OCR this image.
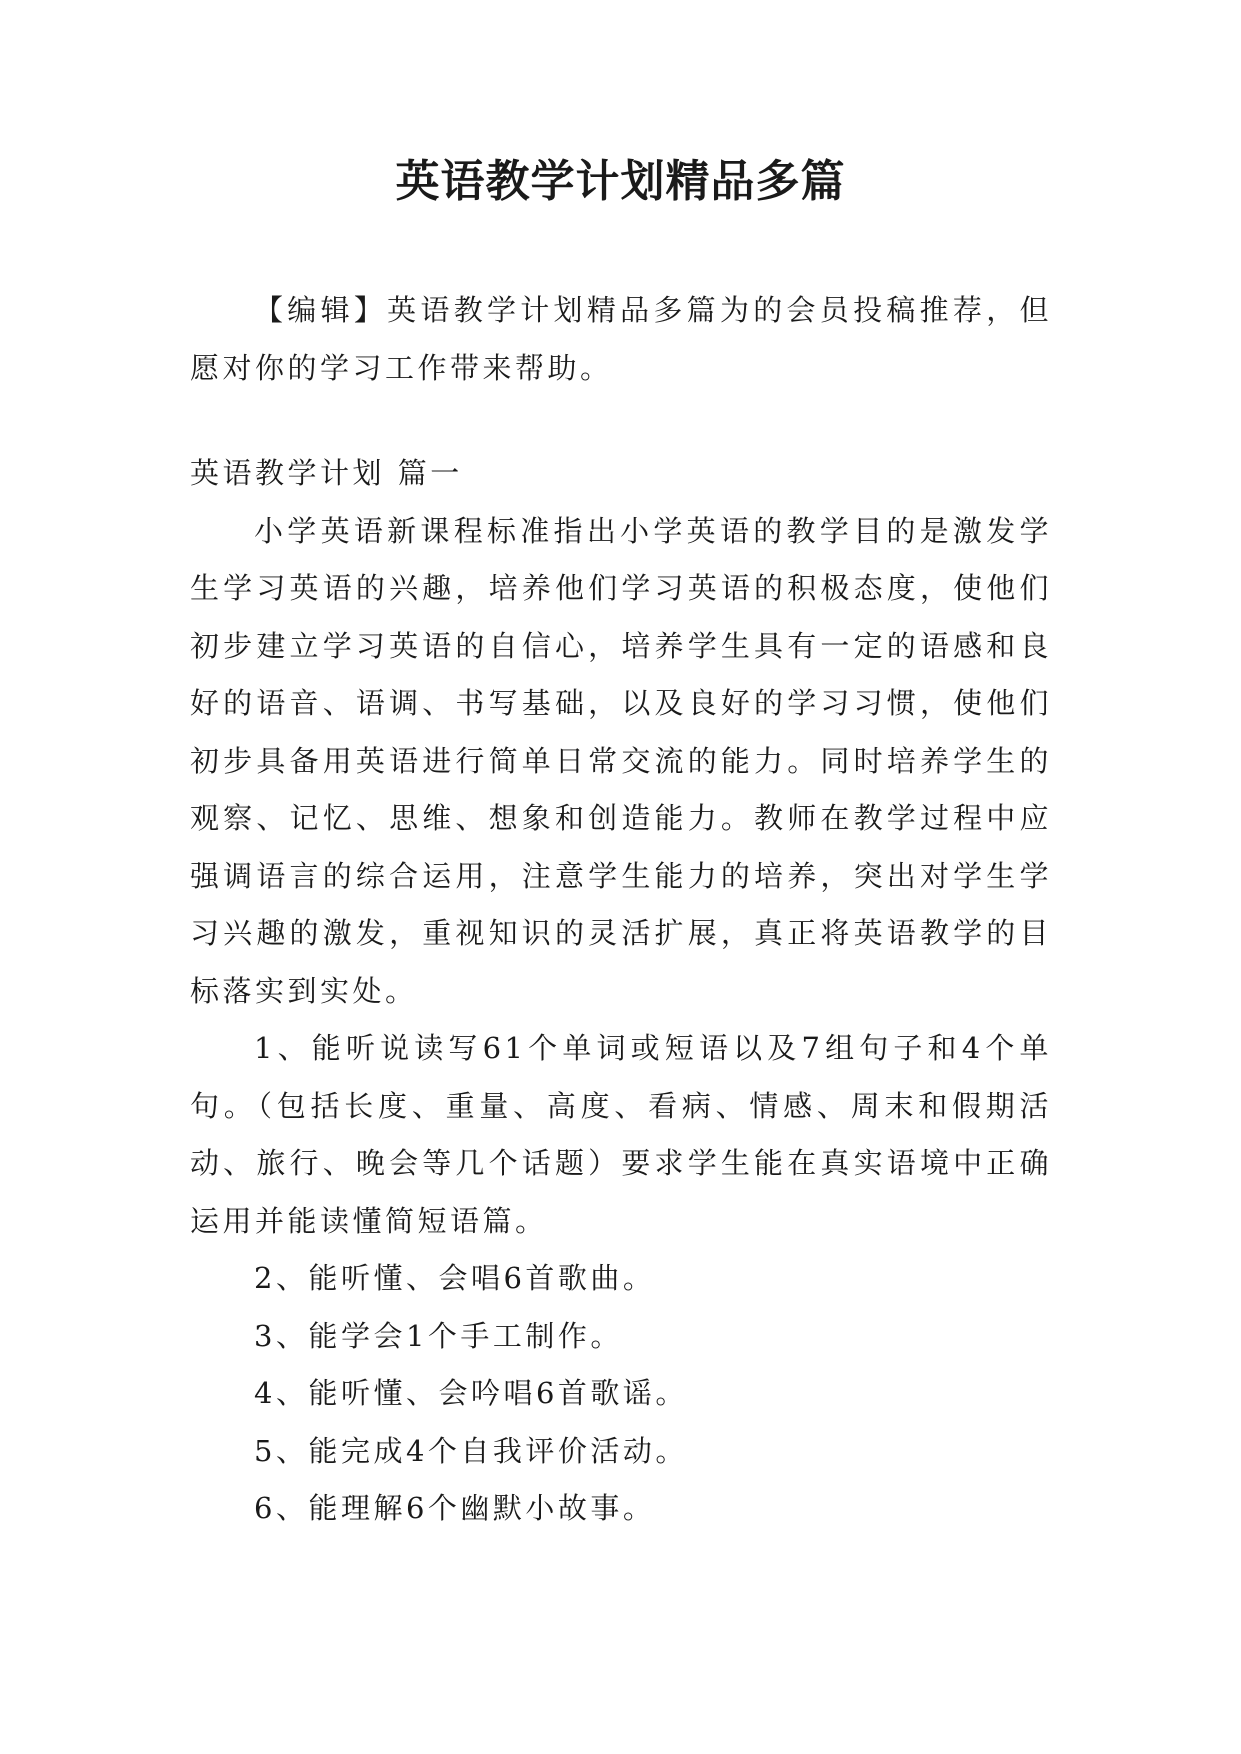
英语教学计划精品多篇

【编辑】英语教学计划精品多篇为的会员投稿推荐，但愿对你的学习工作带来帮助。

英语教学计划 篇一

小学英语新课程标准指出小学英语的教学目的是激发学生学习英语的兴趣，培养他们学习英语的积极态度，使他们初步建立学习英语的自信心，培养学生具有一定的语感和良好的语音、语调、书写基础，以及良好的学习习惯，使他们初步具备用英语进行简单日常交流的能力。同时培养学生的观察、记忆、思维、想象和创造能力。教师在教学过程中应强调语言的综合运用，注意学生能力的培养，突出对学生学习兴趣的激发，重视知识的灵活扩展，真正将英语教学的目标落实到实处。

1、能听说读写61个单词或短语以及7组句子和4个单句。（包括长度、重量、高度、看病、情感、周末和假期活动、旅行、晚会等几个话题）要求学生能在真实语境中正确运用并能读懂简短语篇。

2、能听懂、会唱6首歌曲。

3、能学会1个手工制作。

4、能听懂、会吟唱6首歌谣。

5、能完成4个自我评价活动。

6、能理解6个幽默小故事。
